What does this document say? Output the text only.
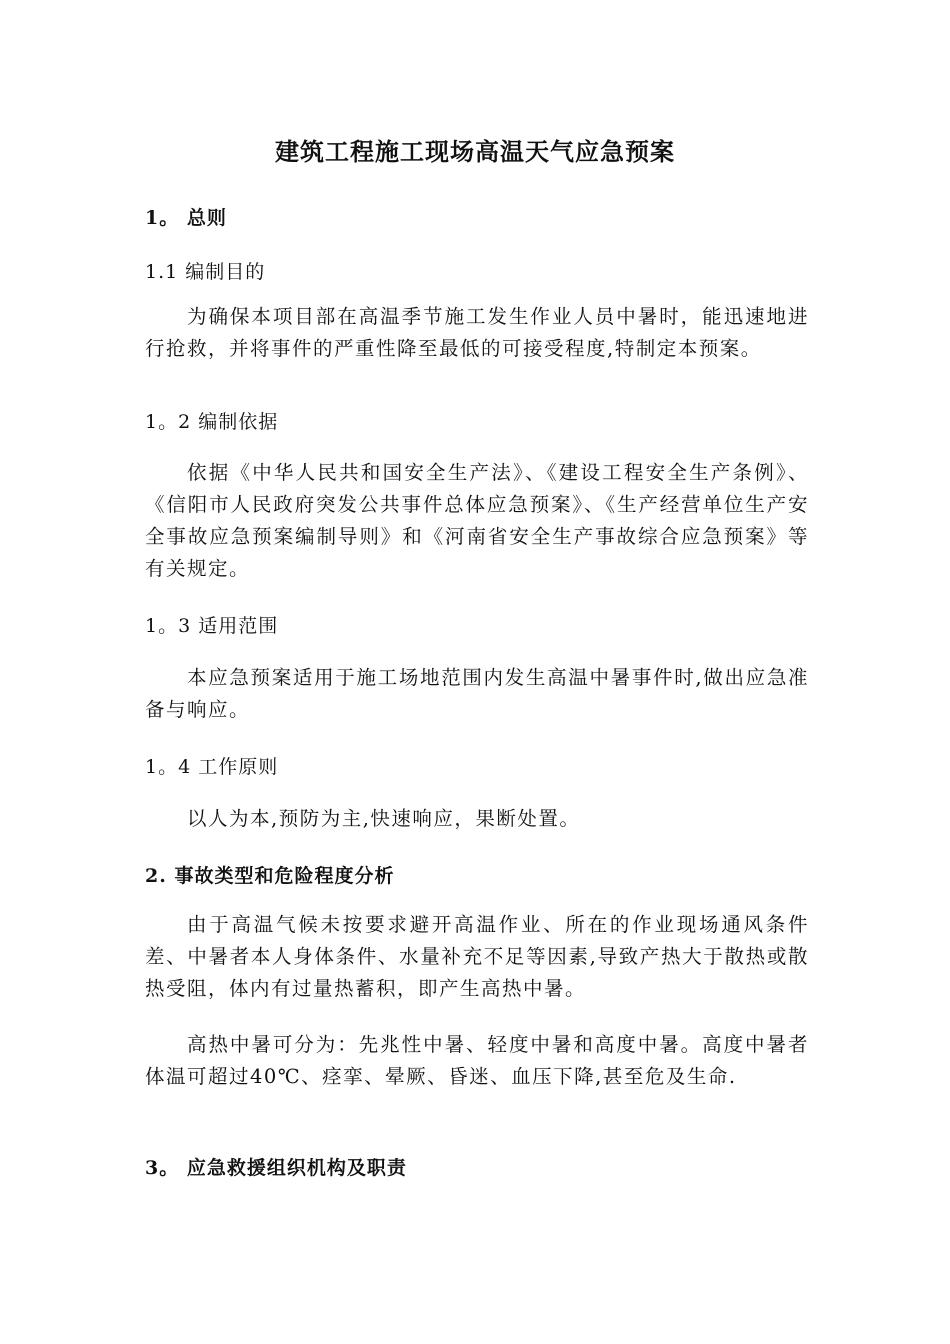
建筑工程施工现场高温天气应急预案
1。 总则
1.1 编制目的
为确保本项目部在高温季节施工发生作业人员中暑时，能迅速地进行抢救，并将事件的严重性降至最低的可接受程度,特制定本预案。
1。2 编制依据
依据《中华人民共和国安全生产法》、《建设工程安全生产条例》、《信阳市人民政府突发公共事件总体应急预案》、《生产经营单位生产安全事故应急预案编制导则》和《河南省安全生产事故综合应急预案》等有关规定。
1。3 适用范围
本应急预案适用于施工场地范围内发生高温中暑事件时,做出应急准备与响应。
1。4 工作原则
以人为本,预防为主,快速响应，果断处置。
2. 事故类型和危险程度分析
由于高温气候未按要求避开高温作业、所在的作业现场通风条件差、中暑者本人身体条件、水量补充不足等因素,导致产热大于散热或散热受阻，体内有过量热蓄积，即产生高热中暑。
高热中暑可分为：先兆性中暑、轻度中暑和高度中暑。高度中暑者体温可超过40℃、痉挛、晕厥、昏迷、血压下降,甚至危及生命.
3。 应急救援组织机构及职责
